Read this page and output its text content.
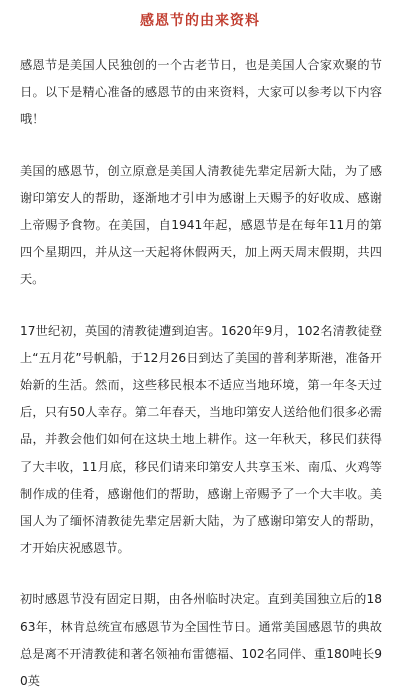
感恩节的由来资料

感恩节是美国人民独创的一个古老节日，也是美国人合家欢聚的节日。以下是精心准备的感恩节的由来资料，大家可以参考以下内容哦！

美国的感恩节，创立原意是美国人清教徒先辈定居新大陆，为了感谢印第安人的帮助，逐渐地才引申为感谢上天赐予的好收成、感谢上帝赐予食物。在美国，自1941年起，感恩节是在每年11月的第四个星期四，并从这一天起将休假两天，加上两天周末假期，共四天。

17世纪初，英国的清教徒遭到迫害。1620年9月，102名清教徒登上“五月花”号帆船，于12月26日到达了美国的普利茅斯港，准备开始新的生活。然而，这些移民根本不适应当地环境，第一年冬天过后，只有50人幸存。第二年春天，当地印第安人送给他们很多必需品，并教会他们如何在这块土地上耕作。这一年秋天，移民们获得了大丰收，11月底，移民们请来印第安人共享玉米、南瓜、火鸡等制作成的佳肴，感谢他们的帮助，感谢上帝赐予了一个大丰收。美国人为了缅怀清教徒先辈定居新大陆，为了感谢印第安人的帮助，才开始庆祝感恩节。

初时感恩节没有固定日期，由各州临时决定。直到美国独立后的1863年，林肯总统宣布感恩节为全国性节日。通常美国感恩节的典故总是离不开清教徒和著名领袖布雷德福、102名同伴、重180吨长90英
